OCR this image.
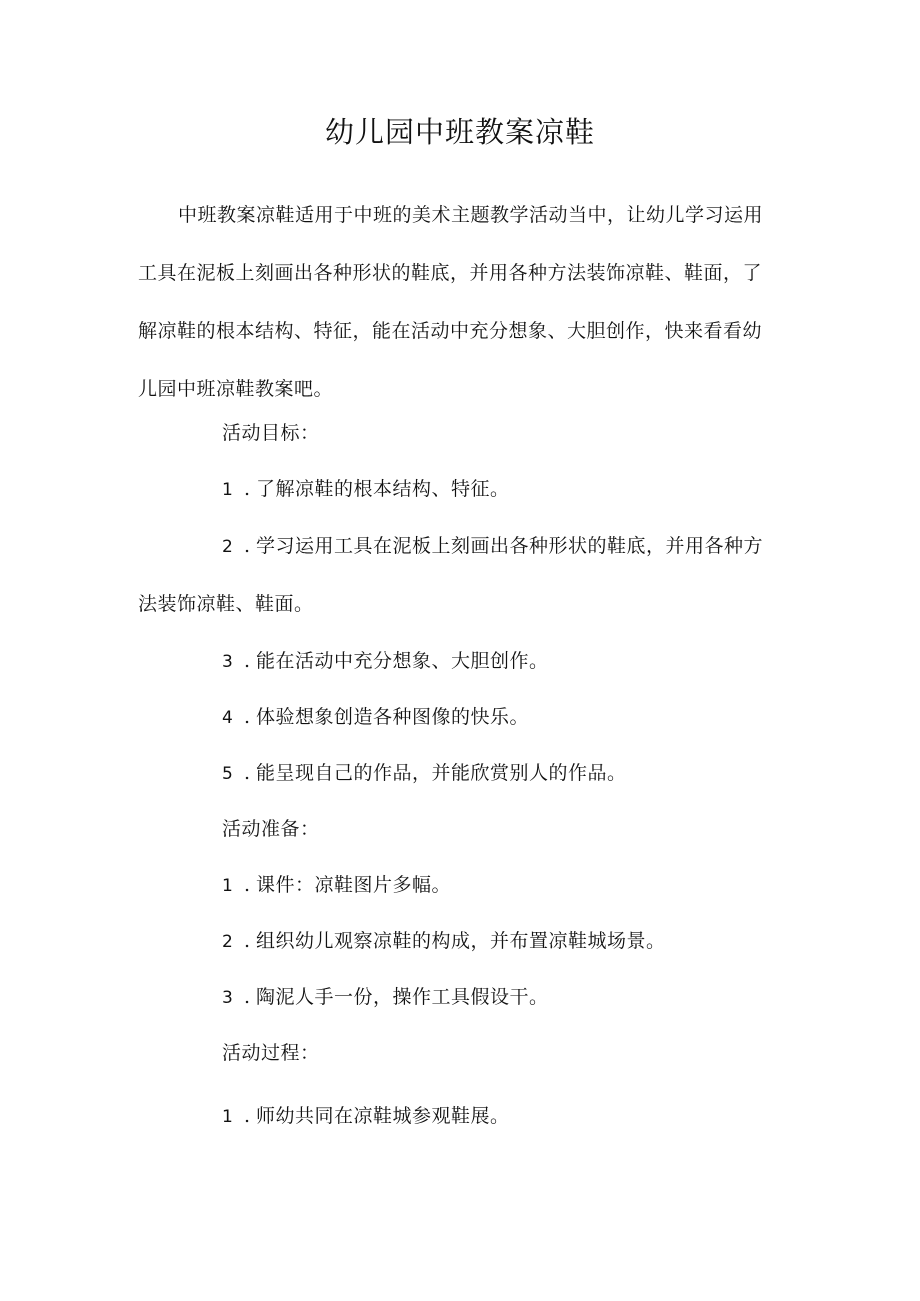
幼儿园中班教案凉鞋

中班教案凉鞋适用于中班的美术主题教学活动当中，让幼儿学习运用工具在泥板上刻画出各种形状的鞋底，并用各种方法装饰凉鞋、鞋面，了解凉鞋的根本结构、特征，能在活动中充分想象、大胆创作，快来看看幼儿园中班凉鞋教案吧。

活动目标：

1 . 了解凉鞋的根本结构、特征。

2 . 学习运用工具在泥板上刻画出各种形状的鞋底，并用各种方

法装饰凉鞋、鞋面。

3 . 能在活动中充分想象、大胆创作。

4 . 体验想象创造各种图像的快乐。

5 . 能呈现自己的作品，并能欣赏别人的作品。

活动准备：

1 . 课件：凉鞋图片多幅。

2 . 组织幼儿观察凉鞋的构成，并布置凉鞋城场景。

3 . 陶泥人手一份，操作工具假设干。

活动过程：

1 . 师幼共同在凉鞋城参观鞋展。
